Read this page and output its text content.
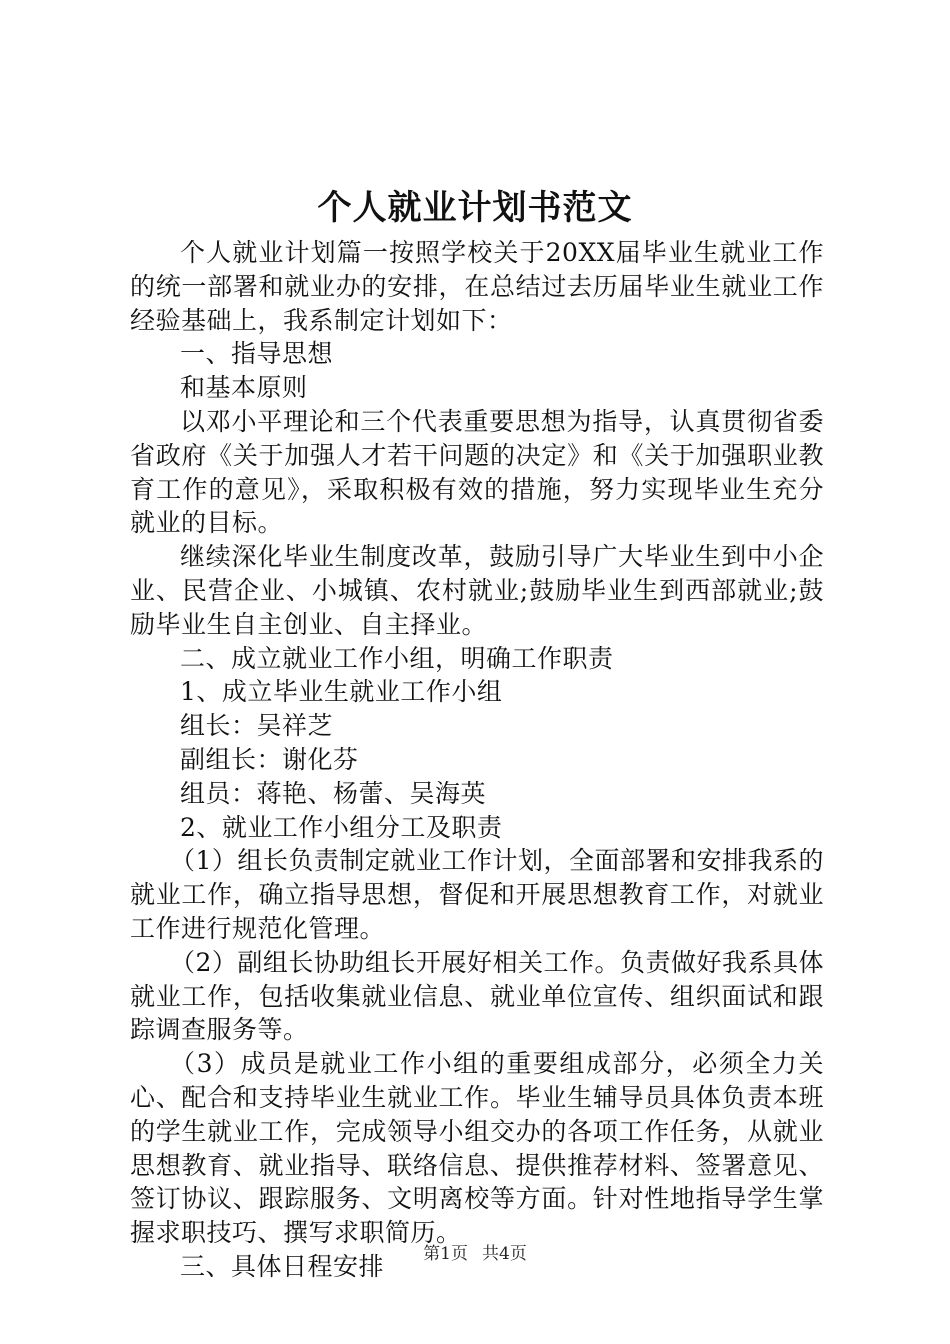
个人就业计划书范文

个人就业计划篇一按照学校关于20XX届毕业生就业工作的统一部署和就业办的安排，在总结过去历届毕业生就业工作经验基础上，我系制定计划如下：

一、指导思想

和基本原则

以邓小平理论和三个代表重要思想为指导，认真贯彻省委省政府《关于加强人才若干问题的决定》和《关于加强职业教育工作的意见》，采取积极有效的措施，努力实现毕业生充分就业的目标。

继续深化毕业生制度改革，鼓励引导广大毕业生到中小企业、民营企业、小城镇、农村就业;鼓励毕业生到西部就业;鼓励毕业生自主创业、自主择业。

二、成立就业工作小组，明确工作职责

1、成立毕业生就业工作小组

组长：吴祥芝

副组长：谢化芬

组员：蒋艳、杨蕾、吴海英

2、就业工作小组分工及职责

（1）组长负责制定就业工作计划，全面部署和安排我系的就业工作，确立指导思想，督促和开展思想教育工作，对就业工作进行规范化管理。

（2）副组长协助组长开展好相关工作。负责做好我系具体就业工作，包括收集就业信息、就业单位宣传、组织面试和跟踪调查服务等。

（3）成员是就业工作小组的重要组成部分，必须全力关心、配合和支持毕业生就业工作。毕业生辅导员具体负责本班的学生就业工作，完成领导小组交办的各项工作任务，从就业思想教育、就业指导、联络信息、提供推荐材料、签署意见、签订协议、跟踪服务、文明离校等方面。针对性地指导学生掌握求职技巧、撰写求职简历。

三、具体日程安排	第1页 共4页
